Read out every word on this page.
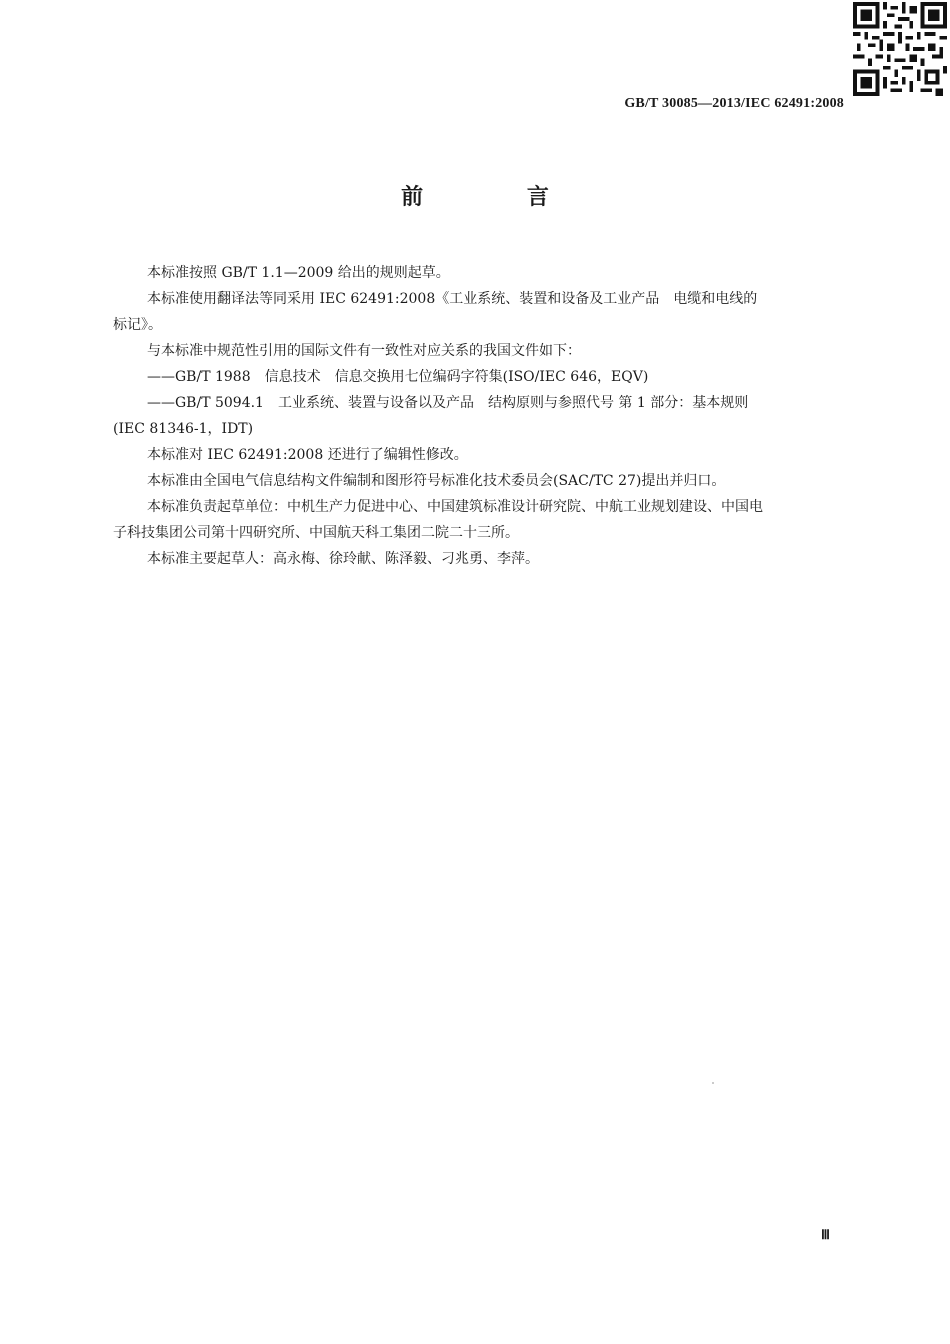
GB/T 30085—2013/IEC 62491:2008
前 言

本标准按照 GB/T 1.1—2009 给出的规则起草。

本标准使用翻译法等同采用 IEC 62491:2008《工业系统、装置和设备及工业产品　电缆和电线的

标记》。

与本标准中规范性引用的国际文件有一致性对应关系的我国文件如下：

——GB/T 1988　信息技术　信息交换用七位编码字符集(ISO/IEC 646，EQV)

——GB/T 5094.1　工业系统、装置与设备以及产品　结构原则与参照代号 第 1 部分：基本规则

(IEC 81346-1，IDT)

本标准对 IEC 62491:2008 还进行了编辑性修改。

本标准由全国电气信息结构文件编制和图形符号标准化技术委员会(SAC/TC 27)提出并归口。

本标准负责起草单位：中机生产力促进中心、中国建筑标准设计研究院、中航工业规划建设、中国电

子科技集团公司第十四研究所、中国航天科工集团二院二十三所。

本标准主要起草人：高永梅、徐玲献、陈泽毅、刁兆勇、李萍。

Ⅲ
